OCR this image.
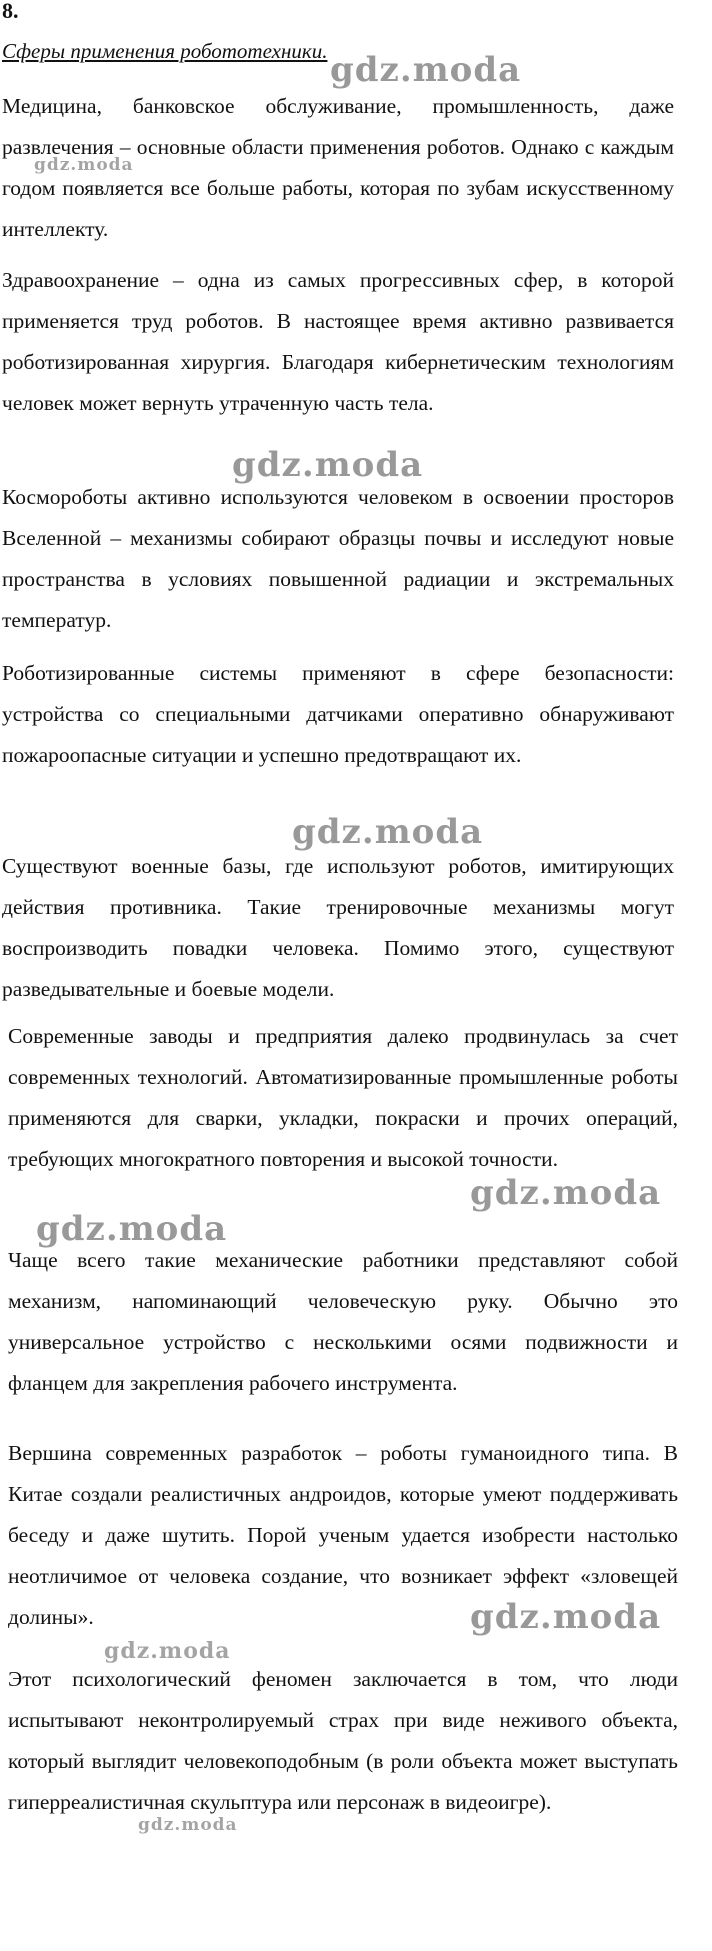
8.
Сферы применения робототехники.

Медицина, банковское обслуживание, промышленность, даже развлечения – основные области применения роботов. Однако с каждым годом появляется все больше работы, которая по зубам искусственному интеллекту.

Здравоохранение – одна из самых прогрессивных сфер, в которой применяется труд роботов. В настоящее время активно развивается роботизированная хирургия. Благодаря кибернетическим технологиям человек может вернуть утраченную часть тела.

Космороботы активно используются человеком в освоении просторов Вселенной – механизмы собирают образцы почвы и исследуют новые пространства в условиях повышенной радиации и экстремальных температур.

Роботизированные системы применяют в сфере безопасности: устройства со специальными датчиками оперативно обнаруживают пожароопасные ситуации и успешно предотвращают их.

Существуют военные базы, где используют роботов, имитирующих действия противника. Такие тренировочные механизмы могут воспроизводить повадки человека. Помимо этого, существуют разведывательные и боевые модели.

Современные заводы и предприятия далеко продвинулась за счет современных технологий. Автоматизированные промышленные роботы применяются для сварки, укладки, покраски и прочих операций, требующих многократного повторения и высокой точности.

Чаще всего такие механические работники представляют собой механизм, напоминающий человеческую руку. Обычно это универсальное устройство с несколькими осями подвижности и фланцем для закрепления рабочего инструмента.

Вершина современных разработок – роботы гуманоидного типа. В Китае создали реалистичных андроидов, которые умеют поддерживать беседу и даже шутить. Порой ученым удается изобрести настолько неотличимое от человека создание, что возникает эффект «зловещей долины».

Этот психологический феномен заключается в том, что люди испытывают неконтролируемый страх при виде неживого объекта, который выглядит человекоподобным (в роли объекта может выступать гиперреалистичная скульптура или персонаж в видеоигре).

gdz.moda
gdz.moda
gdz.moda
gdz.moda
gdz.moda
gdz.moda
gdz.moda
gdz.moda
gdz.moda
